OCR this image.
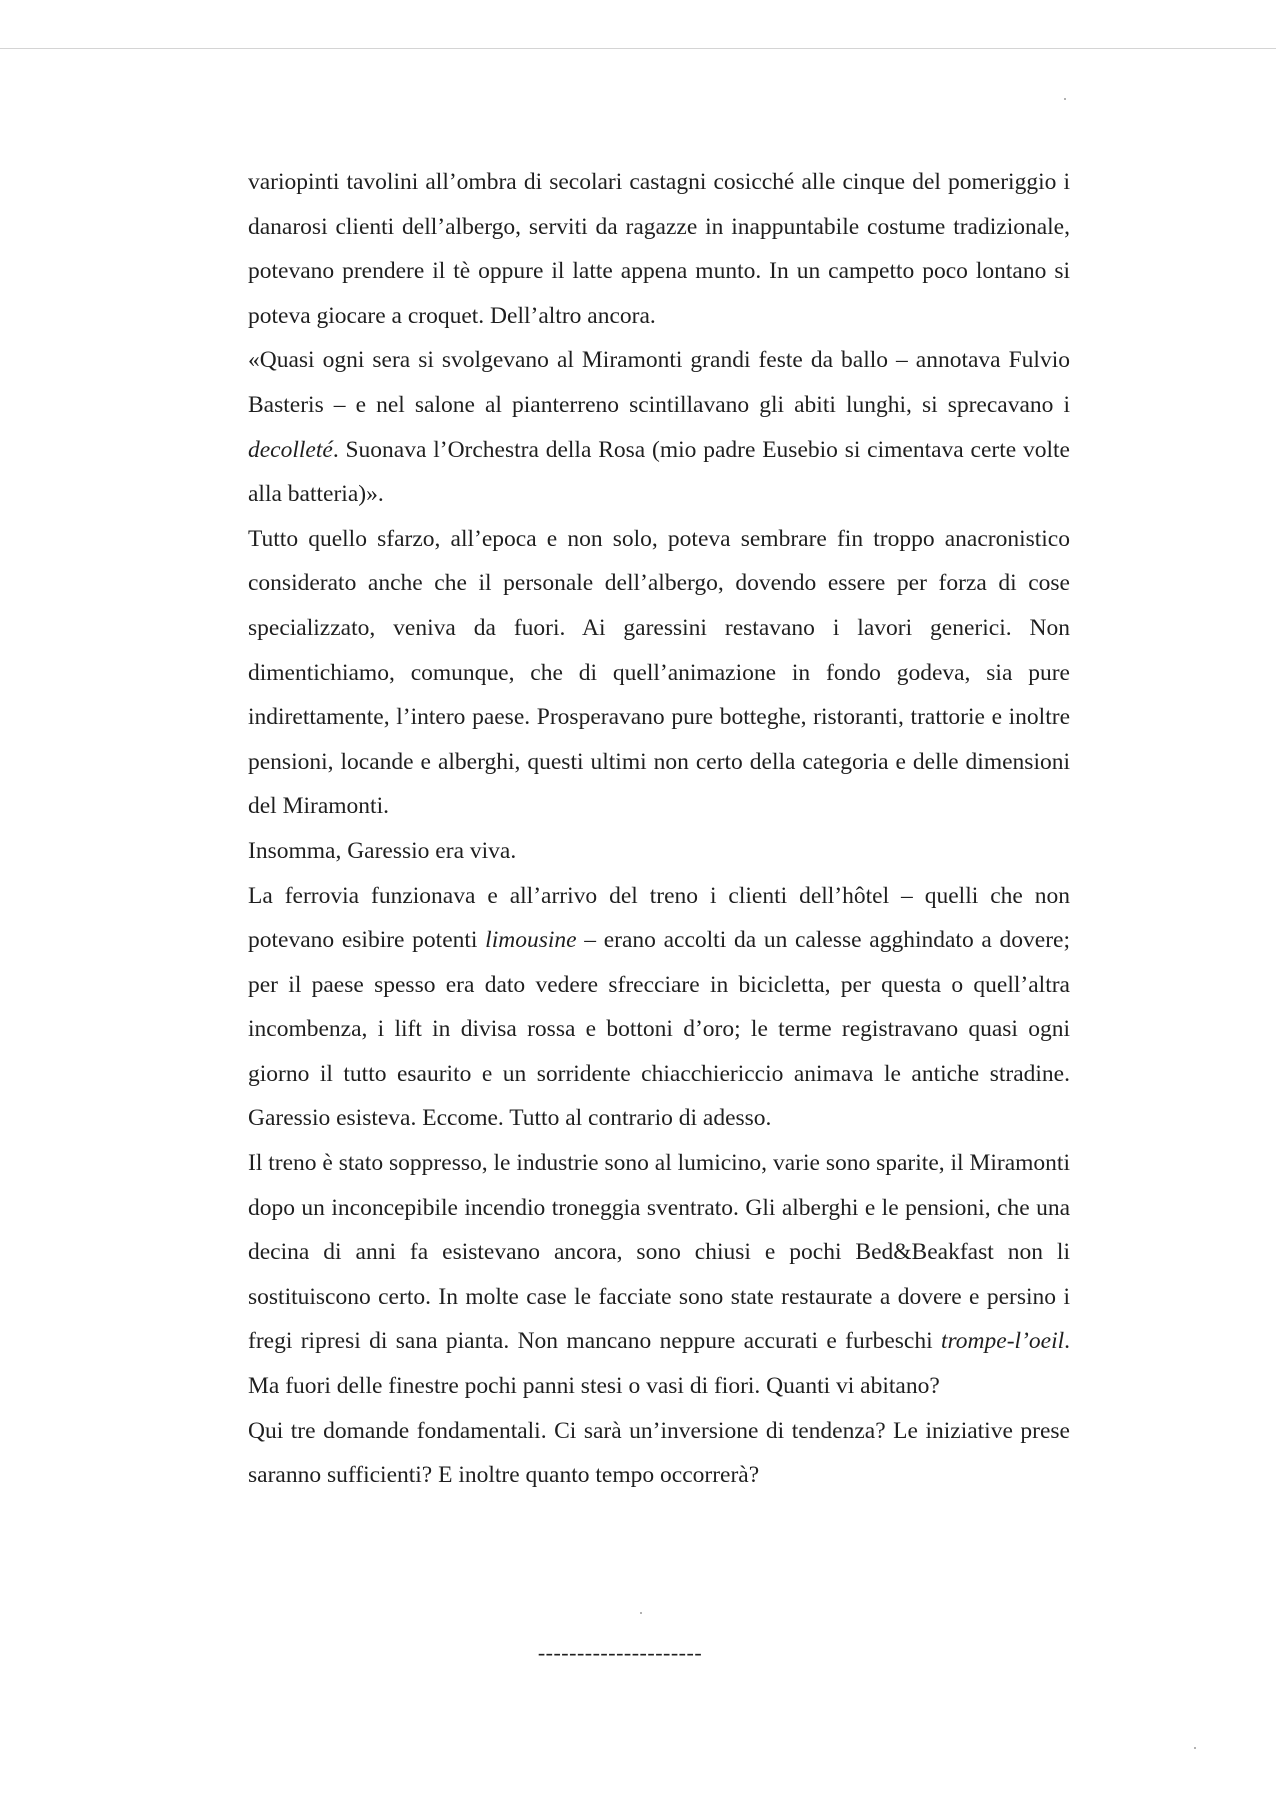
variopinti tavolini all’ombra di secolari castagni cosicché alle cinque del pomeriggio i danarosi clienti dell’albergo, serviti da ragazze in inappuntabile costume tradizionale, potevano prendere il tè oppure il latte appena munto. In un campetto poco lontano si poteva giocare a croquet. Dell’altro ancora.

«Quasi ogni sera si svolgevano al Miramonti grandi feste da ballo – annotava Fulvio Basteris – e nel salone al pianterreno scintillavano gli abiti lunghi, si sprecavano i decolleté. Suonava l’Orchestra della Rosa (mio padre Eusebio si cimentava certe volte alla batteria)».

Tutto quello sfarzo, all’epoca e non solo, poteva sembrare fin troppo anacronistico considerato anche che il personale dell’albergo, dovendo essere per forza di cose specializzato, veniva da fuori. Ai garessini restavano i lavori generici. Non dimentichiamo, comunque, che di quell’animazione in fondo godeva, sia pure indirettamente, l’intero paese. Prosperavano pure botteghe, ristoranti, trattorie e inoltre pensioni, locande e alberghi, questi ultimi non certo della categoria e delle dimensioni del Miramonti.

Insomma, Garessio era viva.

La ferrovia funzionava e all’arrivo del treno i clienti dell’hôtel – quelli che non potevano esibire potenti limousine – erano accolti da un calesse agghindato a dovere; per il paese spesso era dato vedere sfrecciare in bicicletta, per questa o quell’altra incombenza, i lift in divisa rossa e bottoni d’oro; le terme registravano quasi ogni giorno il tutto esaurito e un sorridente chiacchiericcio animava le antiche stradine. Garessio esisteva. Eccome. Tutto al contrario di adesso.

Il treno è stato soppresso, le industrie sono al lumicino, varie sono sparite, il Miramonti dopo un inconcepibile incendio troneggia sventrato. Gli alberghi e le pensioni, che una decina di anni fa esistevano ancora, sono chiusi e pochi Bed&Beakfast non li sostituiscono certo. In molte case le facciate sono state restaurate a dovere e persino i fregi ripresi di sana pianta. Non mancano neppure accurati e furbeschi trompe-l’oeil. Ma fuori delle finestre pochi panni stesi o vasi di fiori. Quanti vi abitano?

Qui tre domande fondamentali. Ci sarà un’inversione di tendenza? Le iniziative prese saranno sufficienti? E inoltre quanto tempo occorrerà?

---------------------
